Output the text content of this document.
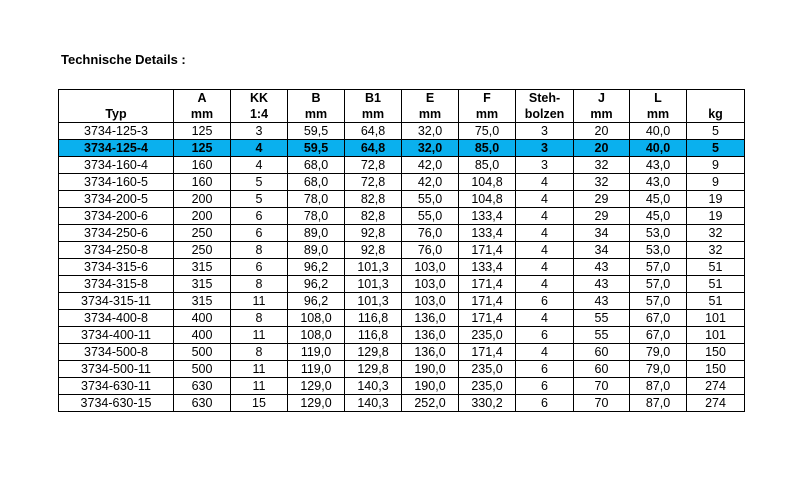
Technische Details :
	A	KK	B	B1	E	F	Steh-	J	L	
Typ	mm	1:4	mm	mm	mm	mm	bolzen	mm	mm	kg
3734-125-3	125	3	59,5	64,8	32,0	75,0	3	20	40,0	5
3734-125-4	125	4	59,5	64,8	32,0	85,0	3	20	40,0	5
3734-160-4	160	4	68,0	72,8	42,0	85,0	3	32	43,0	9
3734-160-5	160	5	68,0	72,8	42,0	104,8	4	32	43,0	9
3734-200-5	200	5	78,0	82,8	55,0	104,8	4	29	45,0	19
3734-200-6	200	6	78,0	82,8	55,0	133,4	4	29	45,0	19
3734-250-6	250	6	89,0	92,8	76,0	133,4	4	34	53,0	32
3734-250-8	250	8	89,0	92,8	76,0	171,4	4	34	53,0	32
3734-315-6	315	6	96,2	101,3	103,0	133,4	4	43	57,0	51
3734-315-8	315	8	96,2	101,3	103,0	171,4	4	43	57,0	51
3734-315-11	315	11	96,2	101,3	103,0	171,4	6	43	57,0	51
3734-400-8	400	8	108,0	116,8	136,0	171,4	4	55	67,0	101
3734-400-11	400	11	108,0	116,8	136,0	235,0	6	55	67,0	101
3734-500-8	500	8	119,0	129,8	136,0	171,4	4	60	79,0	150
3734-500-11	500	11	119,0	129,8	190,0	235,0	6	60	79,0	150
3734-630-11	630	11	129,0	140,3	190,0	235,0	6	70	87,0	274
3734-630-15	630	15	129,0	140,3	252,0	330,2	6	70	87,0	274
